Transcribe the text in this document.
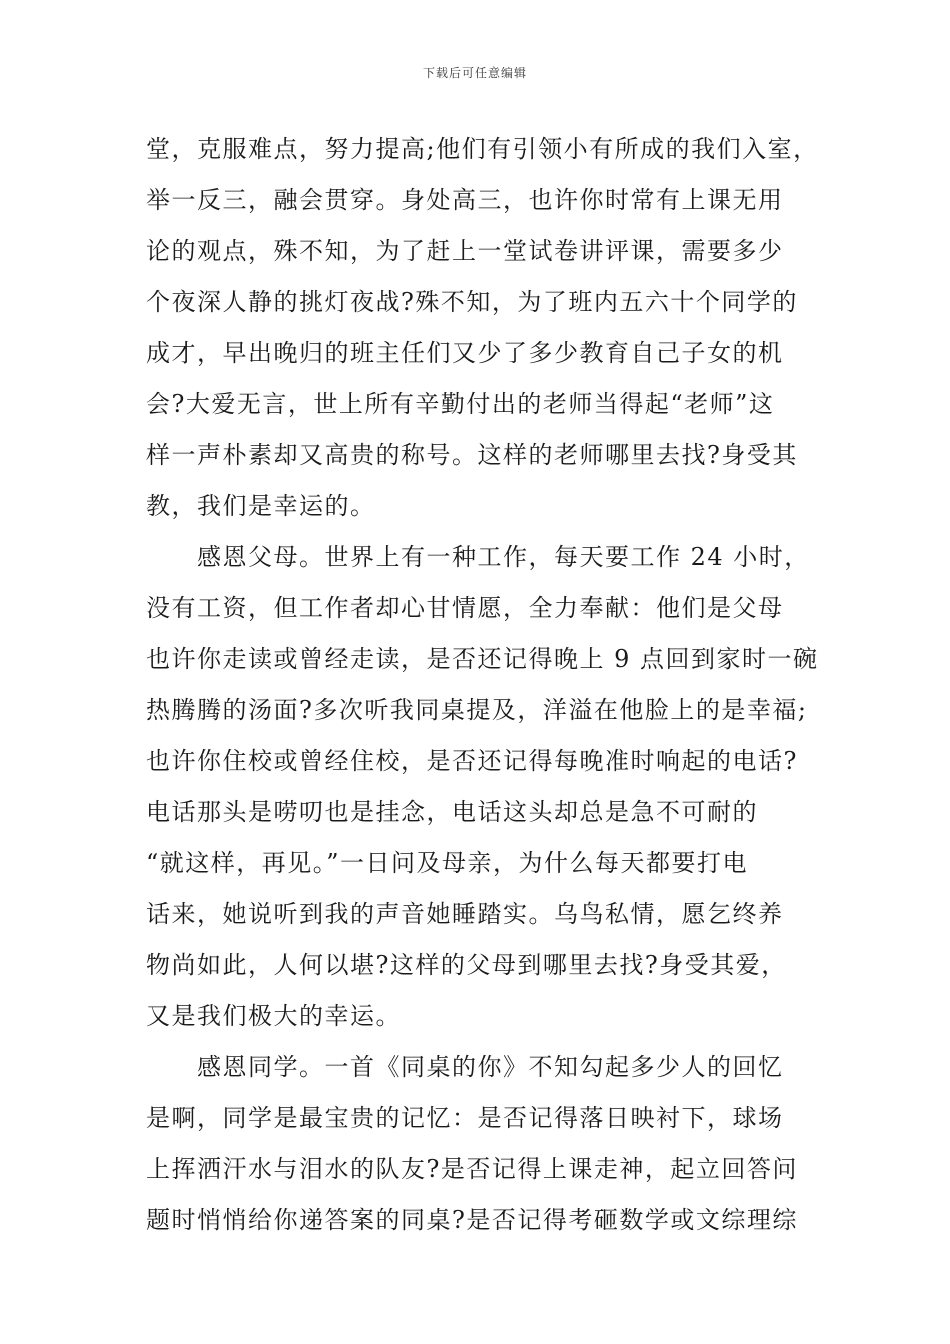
下载后可任意编辑
堂，克服难点，努力提高;他们有引领小有所成的我们入室，
举一反三，融会贯穿。身处高三，也许你时常有上课无用
论的观点，殊不知，为了赶上一堂试卷讲评课，需要多少
个夜深人静的挑灯夜战?殊不知，为了班内五六十个同学的
成才，早出晚归的班主任们又少了多少教育自己子女的机
会?大爱无言，世上所有辛勤付出的老师当得起“老师”这
样一声朴素却又高贵的称号。这样的老师哪里去找?身受其
教，我们是幸运的。
　　感恩父母。世界上有一种工作，每天要工作 24 小时，
没有工资，但工作者却心甘情愿，全力奉献：他们是父母
也许你走读或曾经走读，是否还记得晚上 9 点回到家时一碗
热腾腾的汤面?多次听我同桌提及，洋溢在他脸上的是幸福;
也许你住校或曾经住校，是否还记得每晚准时响起的电话?
电话那头是唠叨也是挂念，电话这头却总是急不可耐的
“就这样，再见。”一日问及母亲，为什么每天都要打电
话来，她说听到我的声音她睡踏实。乌鸟私情，愿乞终养
物尚如此，人何以堪?这样的父母到哪里去找?身受其爱，
又是我们极大的幸运。
　　感恩同学。一首《同桌的你》不知勾起多少人的回忆
是啊，同学是最宝贵的记忆：是否记得落日映衬下，球场
上挥洒汗水与泪水的队友?是否记得上课走神，起立回答问
题时悄悄给你递答案的同桌?是否记得考砸数学或文综理综
